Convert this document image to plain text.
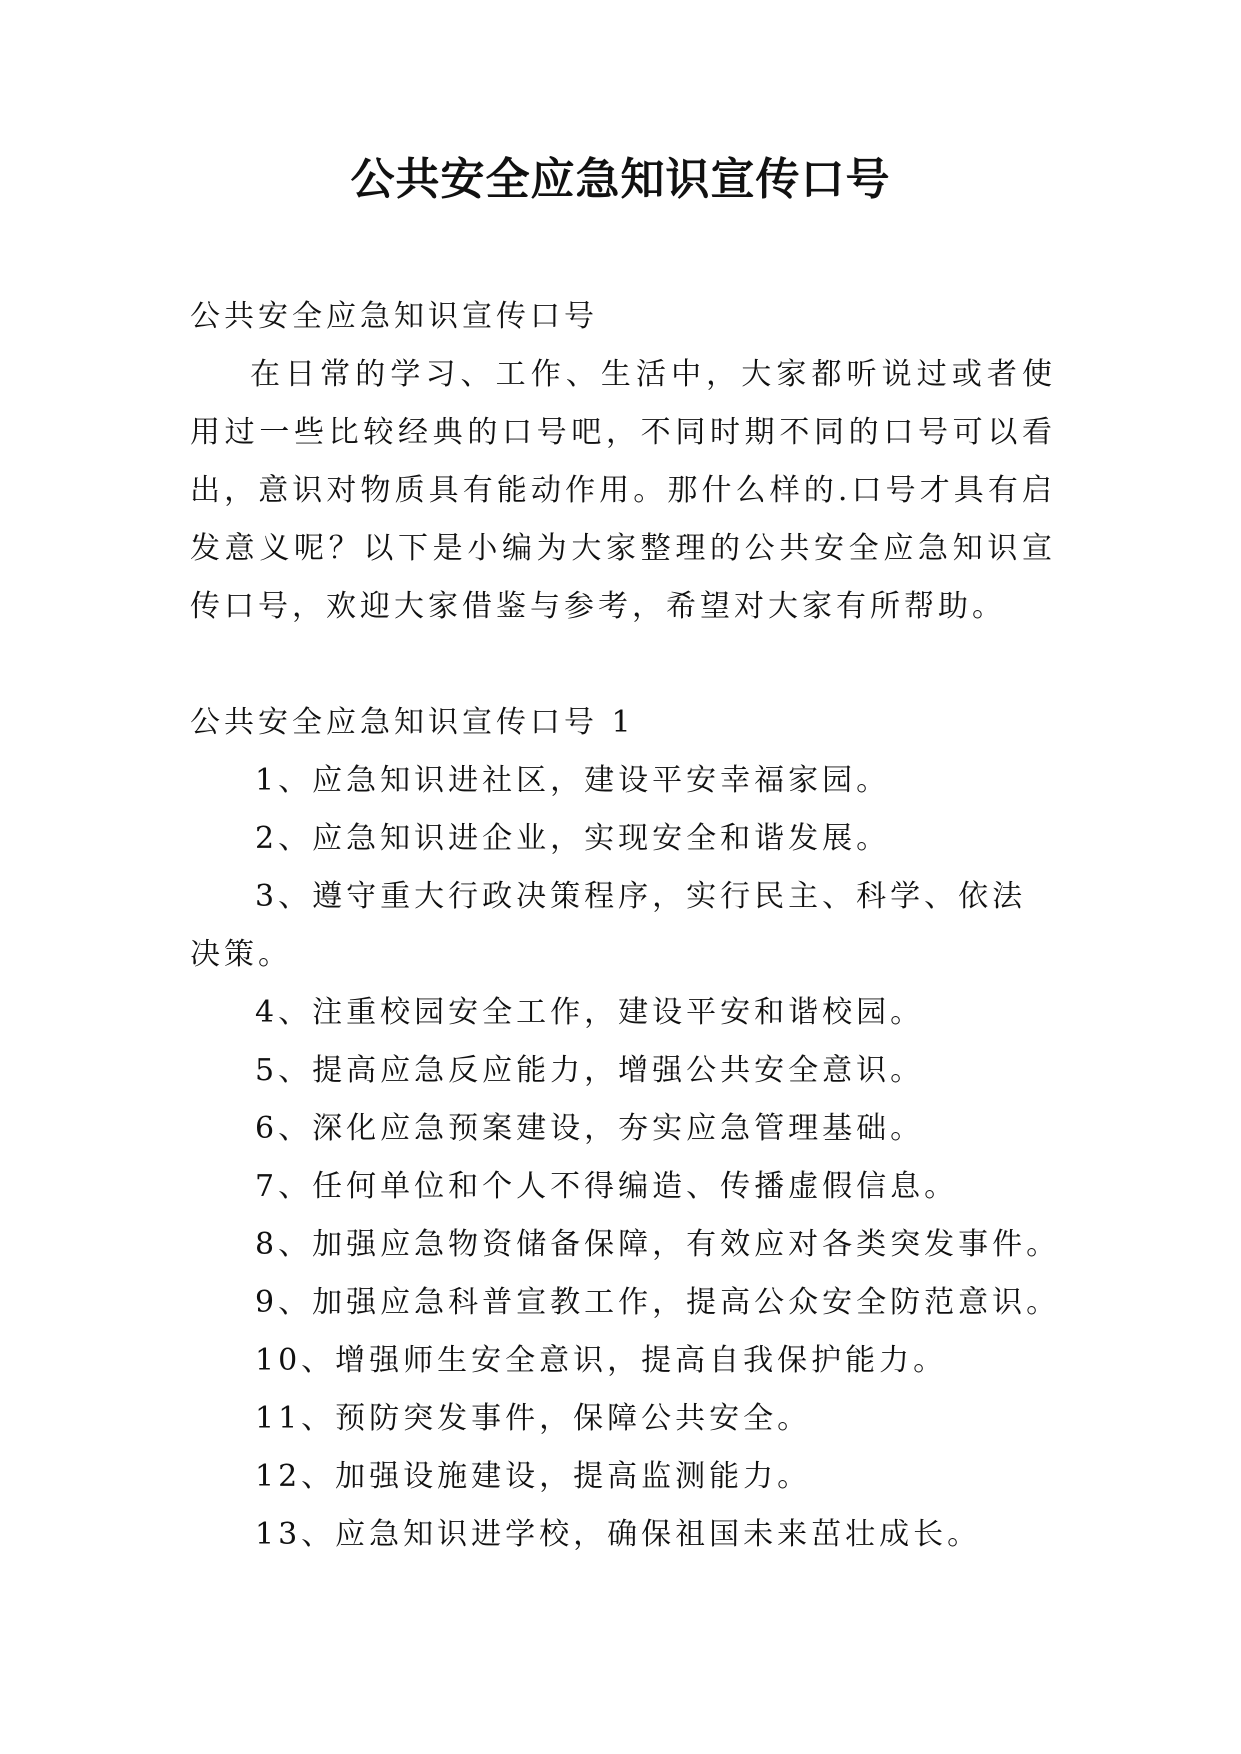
公共安全应急知识宣传口号
公共安全应急知识宣传口号
在日常的学习、工作、生活中，大家都听说过或者使用过一些比较经典的口号吧，不同时期不同的口号可以看出，意识对物质具有能动作用。那什么样的.口号才具有启发意义呢？以下是小编为大家整理的公共安全应急知识宣传口号，欢迎大家借鉴与参考，希望对大家有所帮助。
公共安全应急知识宣传口号 1
1、应急知识进社区，建设平安幸福家园。
2、应急知识进企业，实现安全和谐发展。
3、遵守重大行政决策程序，实行民主、科学、依法决策。
4、注重校园安全工作，建设平安和谐校园。
5、提高应急反应能力，增强公共安全意识。
6、深化应急预案建设，夯实应急管理基础。
7、任何单位和个人不得编造、传播虚假信息。
8、加强应急物资储备保障，有效应对各类突发事件。
9、加强应急科普宣教工作，提高公众安全防范意识。
10、增强师生安全意识，提高自我保护能力。
11、预防突发事件，保障公共安全。
12、加强设施建设，提高监测能力。
13、应急知识进学校，确保祖国未来茁壮成长。
